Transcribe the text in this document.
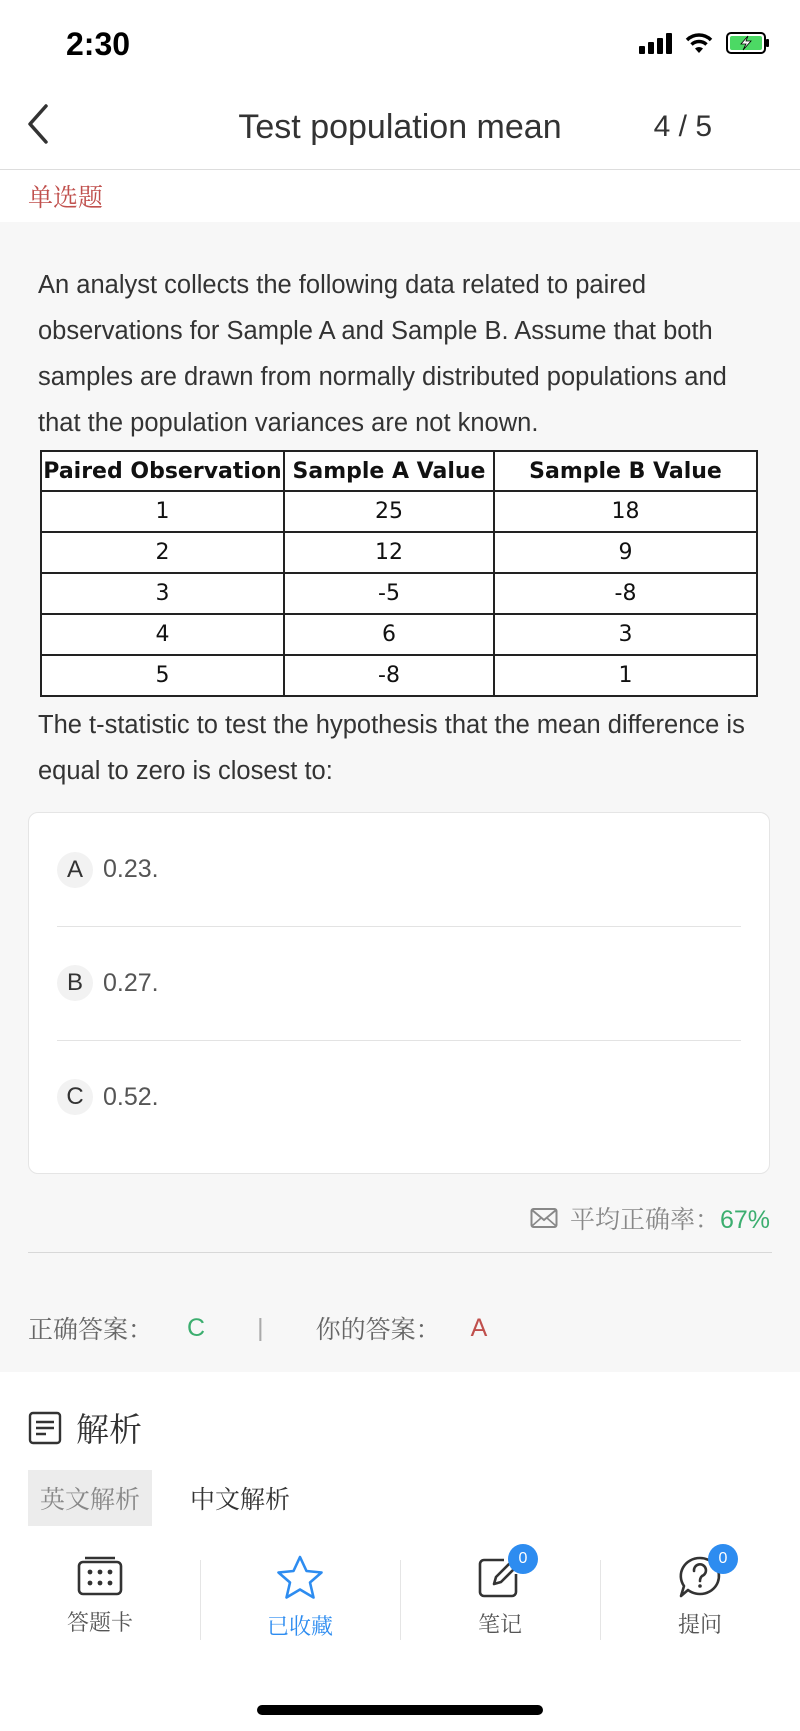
2:30
Test population mean	4 / 5
单选题
An analyst collects the following data related to paired observations for Sample A and Sample B. Assume that both samples are drawn from normally distributed populations and that the population variances are not known.
Paired Observation	Sample A Value	Sample B Value
1	25	18
2	12	9
3	-5	-8
4	6	3
5	-8	1
The t-statistic to test the hypothesis that the mean difference is equal to zero is closest to:
A 0.23.
B 0.27.
C 0.52.
平均正确率：67%
正确答案： C | 你的答案： A
解析
英文解析	中文解析
答题卡	已收藏
0
笔记
0
提问
